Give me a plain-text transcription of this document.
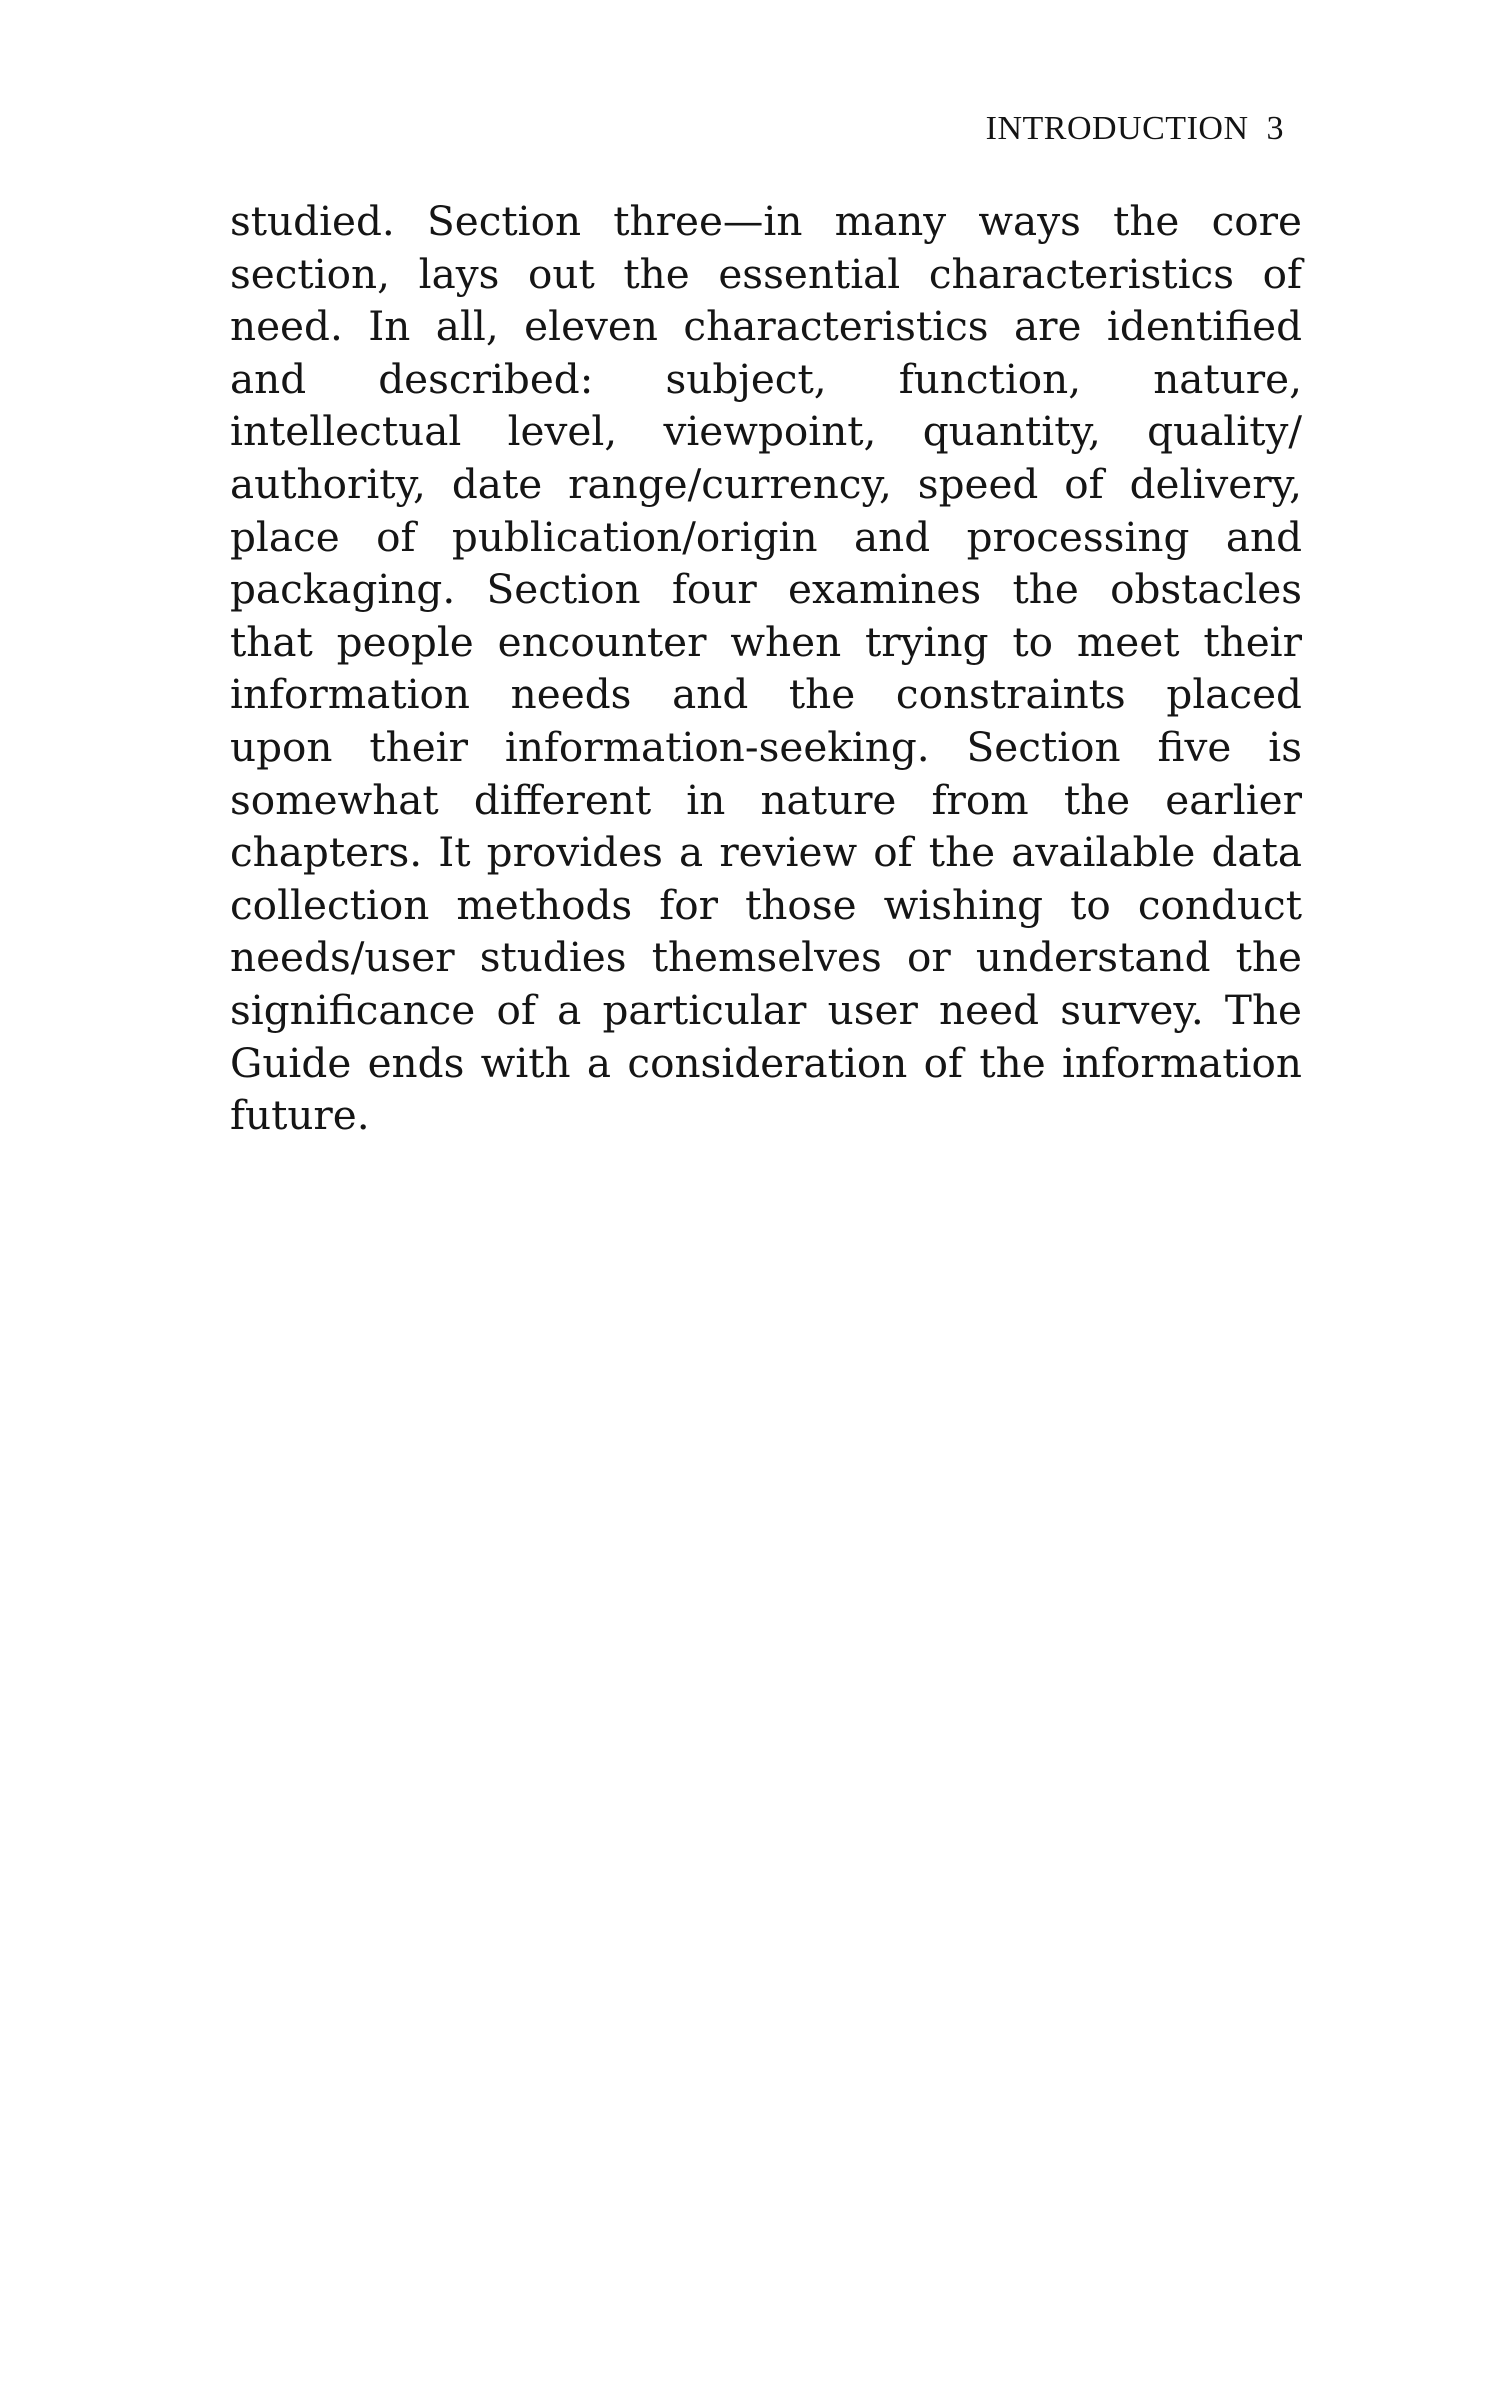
INTRODUCTION 3
studied. Section three—in many ways the core
section, lays out the essential characteristics of
need. In all, eleven characteristics are identified
and described: subject, function, nature,
intellectual level, viewpoint, quantity, quality/
authority, date range/currency, speed of delivery,
place of publication/origin and processing and
packaging. Section four examines the obstacles
that people encounter when trying to meet their
information needs and the constraints placed
upon their information-seeking. Section five is
somewhat different in nature from the earlier
chapters. It provides a review of the available data
collection methods for those wishing to conduct
needs/user studies themselves or understand the
significance of a particular user need survey. The
Guide ends with a consideration of the information
future.
